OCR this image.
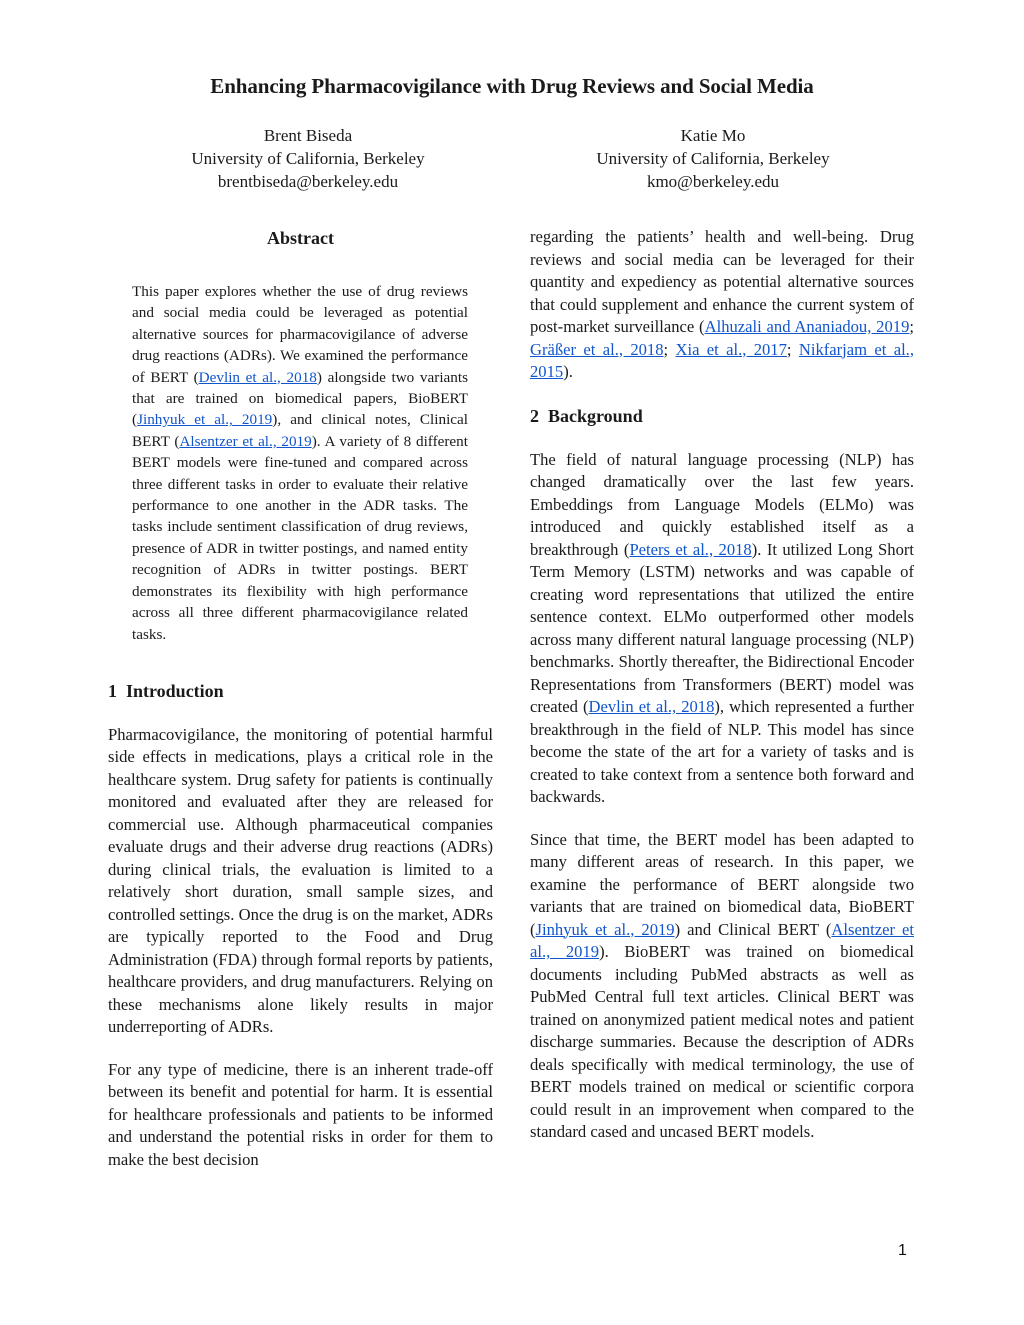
Enhancing Pharmacovigilance with Drug Reviews and Social Media
Brent Biseda
University of California, Berkeley
brentbiseda@berkeley.edu
Katie Mo
University of California, Berkeley
kmo@berkeley.edu
Abstract
This paper explores whether the use of drug reviews and social media could be leveraged as potential alternative sources for pharmacovigilance of adverse drug reactions (ADRs). We examined the performance of BERT (Devlin et al., 2018) alongside two variants that are trained on biomedical papers, BioBERT (Jinhyuk et al., 2019), and clinical notes, Clinical BERT (Alsentzer et al., 2019). A variety of 8 different BERT models were fine-tuned and compared across three different tasks in order to evaluate their relative performance to one another in the ADR tasks. The tasks include sentiment classification of drug reviews, presence of ADR in twitter postings, and named entity recognition of ADRs in twitter postings. BERT demonstrates its flexibility with high performance across all three different pharmacovigilance related tasks.
1 Introduction

Pharmacovigilance, the monitoring of potential harmful side effects in medications, plays a critical role in the healthcare system. Drug safety for patients is continually monitored and evaluated after they are released for commercial use. Although pharmaceutical companies evaluate drugs and their adverse drug reactions (ADRs) during clinical trials, the evaluation is limited to a relatively short duration, small sample sizes, and controlled settings. Once the drug is on the market, ADRs are typically reported to the Food and Drug Administration (FDA) through formal reports by patients, healthcare providers, and drug manufacturers. Relying on these mechanisms alone likely results in major underreporting of ADRs.

For any type of medicine, there is an inherent trade-off between its benefit and potential for harm. It is essential for healthcare professionals and patients to be informed and understand the potential risks in order for them to make the best decision

regarding the patients’ health and well-being. Drug reviews and social media can be leveraged for their quantity and expediency as potential alternative sources that could supplement and enhance the current system of post-market surveillance (Alhuzali and Ananiadou, 2019; Gräßer et al., 2018; Xia et al., 2017; Nikfarjam et al., 2015).

2 Background

The field of natural language processing (NLP) has changed dramatically over the last few years. Embeddings from Language Models (ELMo) was introduced and quickly established itself as a breakthrough (Peters et al., 2018). It utilized Long Short Term Memory (LSTM) networks and was capable of creating word representations that utilized the entire sentence context. ELMo outperformed other models across many different natural language processing (NLP) benchmarks. Shortly thereafter, the Bidirectional Encoder Representations from Transformers (BERT) model was created (Devlin et al., 2018), which represented a further breakthrough in the field of NLP. This model has since become the state of the art for a variety of tasks and is created to take context from a sentence both forward and backwards.

Since that time, the BERT model has been adapted to many different areas of research. In this paper, we examine the performance of BERT alongside two variants that are trained on biomedical data, BioBERT (Jinhyuk et al., 2019) and Clinical BERT (Alsentzer et al., 2019). BioBERT was trained on biomedical documents including PubMed abstracts as well as PubMed Central full text articles. Clinical BERT was trained on anonymized patient medical notes and patient discharge summaries. Because the description of ADRs deals specifically with medical terminology, the use of BERT models trained on medical or scientific corpora could result in an improvement when compared to the standard cased and uncased BERT models.

1
